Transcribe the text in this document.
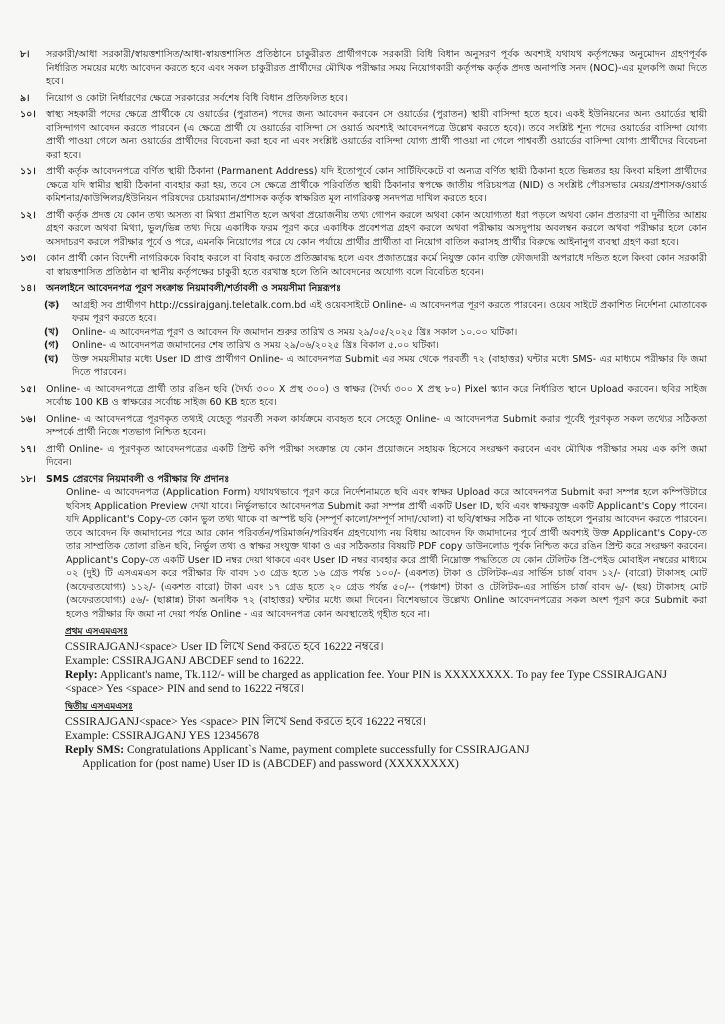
৮।	সরকারী/আধা সরকারী/স্বায়ত্তশাসিত/আধা-স্বায়ত্তশাসিত প্রতিষ্ঠানে চাকুরীরত প্রার্থীগণকে সরকারী বিধি বিধান অনুসরণ পূর্বক অবশ্যই যথাযথ কর্তৃপক্ষের অনুমোদন গ্রহণপূর্বক নির্ধারিত সময়ের মধ্যে আবেদন করতে হবে এবং সকল চাকুরীরত প্রার্থীদের মৌখিক পরীক্ষার সময় নিয়োগকারী কর্তৃপক্ষ কর্তৃক প্রদত্ত অনাপত্তি সনদ (NOC)-এর মূলকপি জমা দিতে হবে।
৯।	নিয়োগ ও কোটা নির্ধারণের ক্ষেত্রে সরকারের সর্বশেষ বিধি বিধান প্রতিফলিত হবে।
১০।	স্বাস্থ্য সহকারী পদের ক্ষেত্রে প্রার্থীকে যে ওয়ার্ডের (পুরাতন) পদের জন্য আবেদন করবেন সে ওয়ার্ডের (পুরাতন) স্থায়ী বাসিন্দা হতে হবে। একই ইউনিয়নের অন্য ওয়ার্ডের স্থায়ী বাসিন্দাগণ আবেদন করতে পারবেন (এ ক্ষেত্রে প্রার্থী যে ওয়ার্ডের বাসিন্দা সে ওয়ার্ড অবশ্যই আবেদনপত্রে উল্লেখ করতে হবে)। তবে সংশ্লিষ্ট শূন্য পদের ওয়ার্ডের বাসিন্দা যোগ্য প্রার্থী পাওয়া গেলে অন্য ওয়ার্ডের প্রার্থীদের বিবেচনা করা হবে না এবং সংশ্লিষ্ট ওয়ার্ডের বাসিন্দা যোগ্য প্রার্থী পাওয়া না গেলে পাশ্ববর্তী ওয়ার্ডের বাসিন্দা যোগ্য প্রার্থীদের বিবেচনা করা হবে।
১১।	প্রার্থী কর্তৃক আবেদনপত্রে বর্ণিত স্থায়ী ঠিকানা (Parmanent Address) যদি ইতোপূর্বে কোন সার্টিফিকেটে বা অন্যত্র বর্ণিত স্থায়ী ঠিকানা হতে ভিন্নতর হয় কিংবা মহিলা প্রার্থীদের ক্ষেত্রে যদি স্বামীর স্থায়ী ঠিকানা ব্যবহার করা হয়, তবে সে ক্ষেত্রে প্রার্থীকে পরিবর্তিত স্থায়ী ঠিকানার স্বপক্ষে জাতীয় পরিচয়পত্র (NID) ও সংশ্লিষ্ট পৌরসভার মেয়র/প্রশাসক/ওয়ার্ড কমিশনার/কাউন্সিলর/ইউনিয়ন পরিষদের চেয়ারম্যান/প্রশাসক কর্তৃক স্বাক্ষরিত মূল নাগরিকত্ব সনদপত্র দাখিল করতে হবে।
১২।	প্রার্থী কর্তৃক প্রদত্ত যে কোন তথ্য অসত্য বা মিথ্যা প্রমাণিত হলে অথবা প্রয়োজনীয় তথ্য গোপন করলে অথবা কোন অযোগ্যতা ধরা পড়লে অথবা কোন প্রতারণা বা দুর্নীতির আশ্রয় গ্রহণ করলে অথবা মিথ্যা, ভুল/ভিন্ন তথ্য দিয়ে একাধিক ফরম পূরণ করে একাধিক প্রবেশপত্র গ্রহণ করলে অথবা পরীক্ষায় অসদুপায় অবলম্বন করলে অথবা পরীক্ষার হলে কোন অসদাচরণ করলে পরীক্ষার পূর্বে ও পরে, এমনকি নিয়োগের পরে যে কোন পর্যায়ে প্রার্থীর প্রার্থীতা বা নিয়োগ বাতিল করাসহ প্রার্থীর বিরুদ্ধে আইনানুগ ব্যবস্থা গ্রহণ করা হবে।
১৩।	কোন প্রার্থী কোন বিদেশী নাগরিককে বিবাহ করলে বা বিবাহ করতে প্রতিজ্ঞাবদ্ধ হলে এবং প্রজাতন্ত্রের কর্মে নিযুক্ত কোন ব্যক্তি ফৌজদারী অপরাধে দন্ডিত হলে কিংবা কোন সরকারী বা স্বায়ত্তশাসিত প্রতিষ্ঠান বা স্থানীয় কর্তৃপক্ষের চাকুরী হতে বরখাস্ত হলে তিনি আবেদনের অযোগ্য বলে বিবেচিত হবেন।
১৪।	অনলাইনে আবেদনপত্র পূরণ সংক্রান্ত নিয়মাবলী/শর্তাবলী ও সময়সীমা নিম্নরূপঃ
(ক)	আগ্রহী সব প্রার্থীগণ http://cssirajganj.teletalk.com.bd এই ওয়েবসাইটে Online- এ আবেদনপত্র পূরণ করতে পারবেন। ওয়েব সাইটে প্রকাশিত নির্দেশনা মোতাবেক ফরম পূরণ করতে হবে।
(খ)	Online- এ আবেদনপত্র পূরণ ও আবেদন ফি জমাদান শুরুর তারিখ ও সময় ২৯/০৫/২০২৫ খ্রিঃ সকাল ১০.০০ ঘটিকা।
(গ)	Online- এ আবেদনপত্র জমাদানের শেষ তারিখ ও সময় ২৯/০৬/২০২৫ খ্রিঃ বিকাল ৫.০০ ঘটিকা।
(ঘ)	উক্ত সময়সীমার মধ্যে User ID প্রাপ্ত প্রার্থীগণ Online- এ আবেদনপত্র Submit এর সময় থেকে পরবর্তী ৭২ (বাহাত্তর) ঘন্টার মধ্যে SMS- এর মাধ্যমে পরীক্ষার ফি জমা দিতে পারবেন।
১৫।	Online- এ আবেদনপত্রে প্রার্থী তার রঙিন ছবি (দৈর্ঘ্য ৩০০ X প্রস্থ ৩০০) ও স্বাক্ষর (দৈর্ঘ্য ৩০০ X প্রস্থ ৮০) Pixel স্ক্যান করে নির্ধারিত স্থানে Upload করবেন। ছবির সাইজ সর্বোচ্চ 100 KB ও স্বাক্ষরের সর্বোচ্চ সাইজ 60 KB হতে হবে।
১৬।	Online- এ আবেদনপত্রে পূরণকৃত তথ্যই যেহেতু পরবর্তী সকল কার্যক্রমে ব্যবহৃত হবে সেহেতু Online- এ আবেদনপত্র Submit করার পূর্বেই পূরণকৃত সকল তথ্যের সঠিকতা সম্পর্কে প্রার্থী নিজে শতভাগ নিশ্চিত হবেন।
১৭।	প্রার্থী Online- এ পূরণকৃত আবেদনপত্রের একটি প্রিন্ট কপি পরীক্ষা সংক্রান্ত যে কোন প্রয়োজনে সহায়ক হিসেবে সংরক্ষণ করবেন এবং মৌখিক পরীক্ষার সময় এক কপি জমা দিবেন।
১৮।	SMS প্রেরণের নিয়মাবলী ও পরীক্ষার ফি প্রদানঃ
Online- এ আবেদনপত্র (Application Form) যথাযথভাবে পূরণ করে নির্দেশনামতে ছবি এবং স্বাক্ষর Upload করে আবেদনপত্র Submit করা সম্পন্ন হলে কম্পিউটারে ছবিসহ Application Preview দেখা যাবে। নির্ভুলভাবে আবেদনপত্র Submit করা সম্পন্ন প্রার্থী একটি User ID, ছবি এবং স্বাক্ষরযুক্ত একটি Applicant's Copy পাবেন। যদি Applicant's Copy-তে কোন ভুল তথ্য থাকে বা অস্পষ্ট ছবি (সম্পূর্ণ কালো/সম্পূর্ণ সাদা/ঘোলা) বা ছবি/স্বাক্ষর সঠিক না থাকে তাহলে পুনরায় আবেদন করতে পারবেন। তবে আবেদন ফি জমাদানের পরে আর কোন পরিবর্তন/পরিমার্জন/পরিবর্ধন গ্রহণযোগ্য নয় বিধায় আবেদন ফি জমাদানের পূর্বে প্রার্থী অবশ্যই উক্ত Applicant's Copy-তে তার সাম্প্রতিক তোলা রঙিন ছবি, নির্ভুল তথ্য ও স্বাক্ষর সংযুক্ত থাকা ও এর সঠিকতার বিষয়টি PDF copy ডাউনলোড পূর্বক নিশ্চিত করে রঙিন প্রিন্ট করে সংরক্ষণ করবেন। Applicant's Copy-তে একটি User ID নম্বর দেয়া থাকবে এবং User ID নম্বর ব্যবহার করে প্রার্থী নিম্নোক্ত পদ্ধতিতে যে কোন টেলিটক প্রি-পেইড মোবাইল নম্বরের মাধ্যমে ০২ (দুই) টি এসএমএস করে পরীক্ষার ফি বাবদ ১৩ গ্রেড হতে ১৬ গ্রেড পর্যন্ত ১০০/- (একশত) টাকা ও টেলিটক-এর সার্ভিস চার্জ বাবদ ১২/- (বারো) টাকাসহ মোট (অফেরতযোগ্য) ১১২/- (একশত বারো) টাকা এবং ১৭ গ্রেড হতে ২০ গ্রেড পর্যন্ত ৫০/-- (পঞ্চাশ) টাকা ও টেলিটক-এর সার্ভিস চার্জ বাবদ ৬/- (ছয়) টাকাসহ মোট (অফেরতযোগ্য) ৫৬/- (ছাপ্পান্ন) টাকা অনধিক ৭২ (বাহাত্তর) ঘন্টার মধ্যে জমা দিবেন। বিশেষভাবে উল্লেখ্য Online আবেদনপত্রের সকল অংশ পূরণ করে Submit করা হলেও পরীক্ষার ফি জমা না দেয়া পর্যন্ত Online - এর আবেদনপত্র কোন অবস্থাতেই গৃহীত হবে না।
প্রথম এসএমএসঃ
CSSIRAJGANJ<space> User ID লিখে Send করতে হবে 16222 নম্বরে।
Example: CSSIRAJGANJ ABCDEF send to 16222.
Reply: Applicant's name, Tk.112/- will be charged as application fee. Your PIN is XXXXXXXX. To pay fee Type CSSIRAJGANJ <space> Yes <space> PIN and send to 16222 নম্বরে।
দ্বিতীয় এসএমএসঃ
CSSIRAJGANJ<space> Yes <space> PIN লিখে Send করতে হবে 16222 নম্বরে।
Example: CSSIRAJGANJ YES 12345678
Reply SMS: Congratulations Applicant`s Name, payment complete successfully for CSSIRAJGANJ
Application for (post name) User ID is (ABCDEF) and password (XXXXXXXX)
